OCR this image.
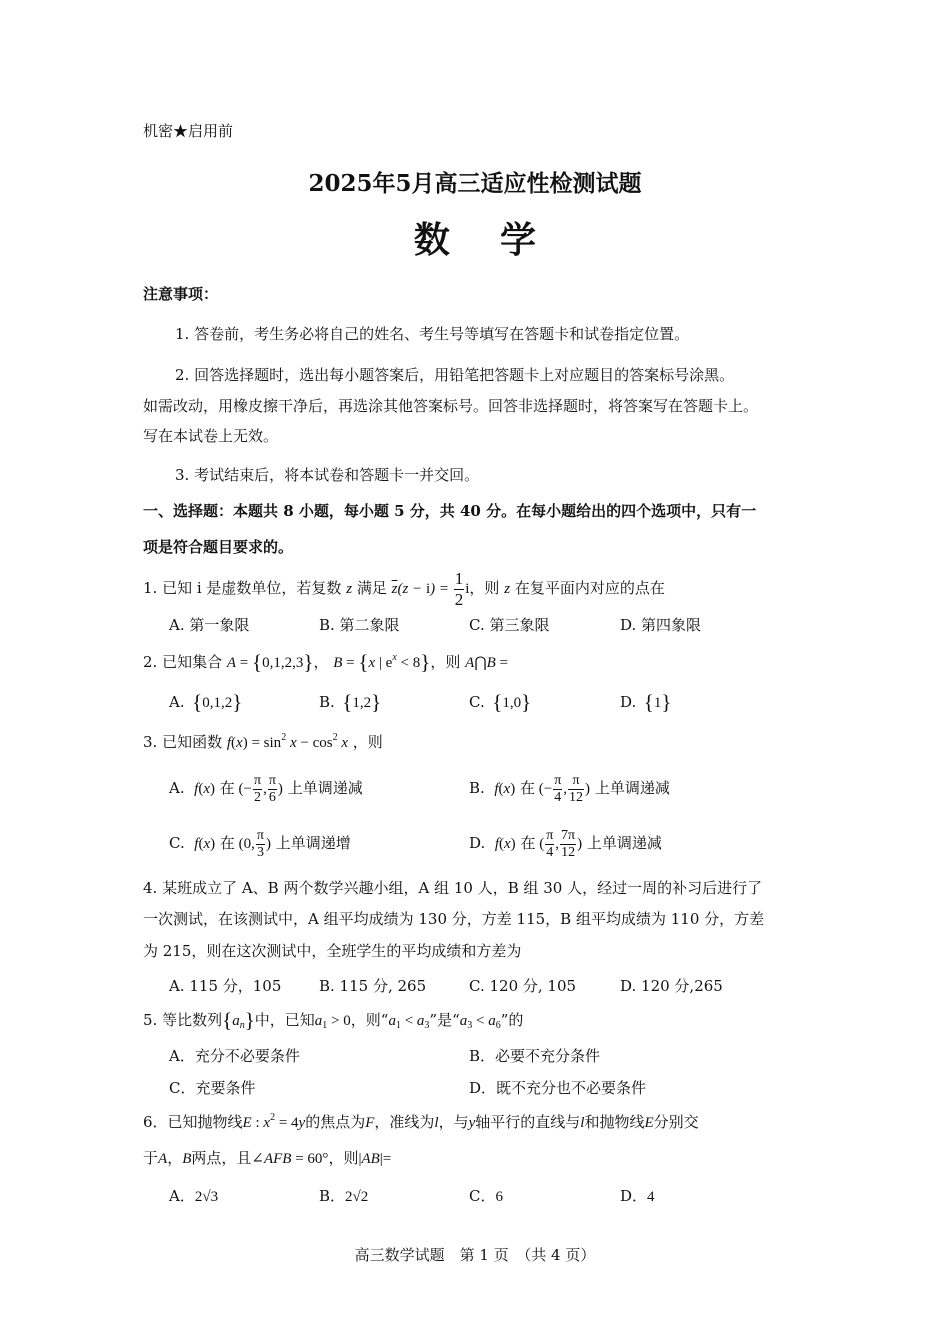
机密★启用前
2025年5月高三适应性检测试题
数    学
注意事项：
1. 答卷前，考生务必将自己的姓名、考生号等填写在答题卡和试卷指定位置。
2. 回答选择题时，选出每小题答案后，用铅笔把答题卡上对应题目的答案标号涂黑。
如需改动，用橡皮擦干净后，再选涂其他答案标号。回答非选择题时，将答案写在答题卡上。
写在本试卷上无效。
3. 考试结束后，将本试卷和答题卡一并交回。
一、选择题：本题共 8 小题，每小题 5 分，共 40 分。在每小题给出的四个选项中，只有一
项是符合题目要求的。
1. 已知 i 是虚数单位，若复数 z 满足 $\overline{z}(z - i) = \frac{1}{2}$ i，则 z 在复平面内对应的点在
A. 第一象限	B. 第二象限	C. 第三象限	D. 第四象限
2. 已知集合 A = {0,1,2,3}， B = {x | $e^x < 8$}，则 A⋂B =
A. {0,1,2}	B. {1,2}	C. {1,0}	D. {1}
3. 已知函数 $f(x) = \sin^2 x - \cos^2 x$ ，则
A. f(x) 在 (− $\frac{\pi}{2}$ , $\frac{\pi}{6}$ ) 上单调递减	B. f(x) 在 (− $\frac{\pi}{4}$ , $\frac{\pi}{12}$ ) 上单调递减
C. f(x) 在 (0, $\frac{\pi}{3}$ ) 上单调递增	D. f(x) 在 ( $\frac{\pi}{4}$ , $\frac{7\pi}{12}$ ) 上单调递减
4. 某班成立了 A、B 两个数学兴趣小组，A 组 10 人，B 组 30 人，经过一周的补习后进行了
一次测试，在该测试中，A 组平均成绩为 130 分，方差 115，B 组平均成绩为 110 分，方差
为 215，则在这次测试中，全班学生的平均成绩和方差为
A. 115 分，105	B. 115 分, 265	C. 120 分, 105	D. 120 分,265
5. 等比数列$\{a_n\}$中，已知$a_1 > 0$，则“$a_1 < a_3$”是“$a_3 < a_6$”的
A．充分不必要条件	B．必要不充分条件
C．充要条件	D．既不充分也不必要条件
6．已知抛物线E : $x^2 = 4y$的焦点为F，准线为l，与y轴平行的直线与l和抛物线E分别交
于A，B两点，且∠AFB = 60°，则|AB|=
A．2√3	B．2√2	C．6	D．4
高三数学试题　第 1 页　（共 4 页）
